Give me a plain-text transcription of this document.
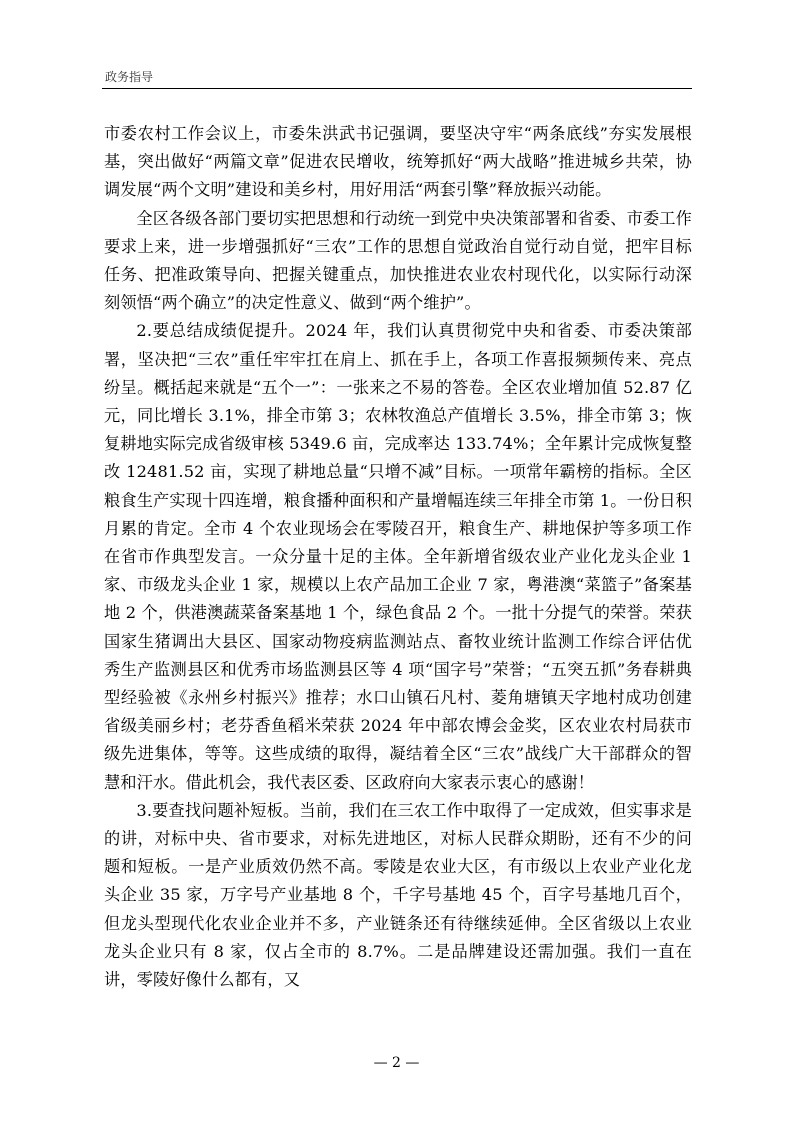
政务指导

市委农村工作会议上，市委朱洪武书记强调，要坚决守牢“两条底线”夯实发展根基，突出做好“两篇文章”促进农民增收，统筹抓好“两大战略”推进城乡共荣，协调发展“两个文明”建设和美乡村，用好用活“两套引擎”释放振兴动能。

全区各级各部门要切实把思想和行动统一到党中央决策部署和省委、市委工作要求上来，进一步增强抓好“三农”工作的思想自觉政治自觉行动自觉，把牢目标任务、把准政策导向、把握关键重点，加快推进农业农村现代化，以实际行动深刻领悟“两个确立”的决定性意义、做到“两个维护”。

2.要总结成绩促提升。2024 年，我们认真贯彻党中央和省委、市委决策部署，坚决把“三农”重任牢牢扛在肩上、抓在手上，各项工作喜报频频传来、亮点纷呈。概括起来就是“五个一”：一张来之不易的答卷。全区农业增加值 52.87 亿元，同比增长 3.1%，排全市第 3；农林牧渔总产值增长 3.5%，排全市第 3；恢复耕地实际完成省级审核 5349.6 亩，完成率达 133.74%；全年累计完成恢复整改 12481.52 亩，实现了耕地总量“只增不减”目标。一项常年霸榜的指标。全区粮食生产实现十四连增，粮食播种面积和产量增幅连续三年排全市第 1。一份日积月累的肯定。全市 4 个农业现场会在零陵召开，粮食生产、耕地保护等多项工作在省市作典型发言。一众分量十足的主体。全年新增省级农业产业化龙头企业 1 家、市级龙头企业 1 家，规模以上农产品加工企业 7 家，粤港澳“菜篮子”备案基地 2 个，供港澳蔬菜备案基地 1 个，绿色食品 2 个。一批十分提气的荣誉。荣获国家生猪调出大县区、国家动物疫病监测站点、畜牧业统计监测工作综合评估优秀生产监测县区和优秀市场监测县区等 4 项“国字号”荣誉；“五突五抓”务春耕典型经验被《永州乡村振兴》推荐；水口山镇石凡村、菱角塘镇天字地村成功创建省级美丽乡村；老芬香鱼稻米荣获 2024 年中部农博会金奖，区农业农村局获市级先进集体，等等。这些成绩的取得，凝结着全区“三农”战线广大干部群众的智慧和汗水。借此机会，我代表区委、区政府向大家表示衷心的感谢！

3.要查找问题补短板。当前，我们在三农工作中取得了一定成效，但实事求是的讲，对标中央、省市要求，对标先进地区，对标人民群众期盼，还有不少的问题和短板。一是产业质效仍然不高。零陵是农业大区，有市级以上农业产业化龙头企业 35 家，万字号产业基地 8 个，千字号基地 45 个，百字号基地几百个，但龙头型现代化农业企业并不多，产业链条还有待继续延伸。全区省级以上农业龙头企业只有 8 家，仅占全市的 8.7%。二是品牌建设还需加强。我们一直在讲，零陵好像什么都有，又

— 2 —
